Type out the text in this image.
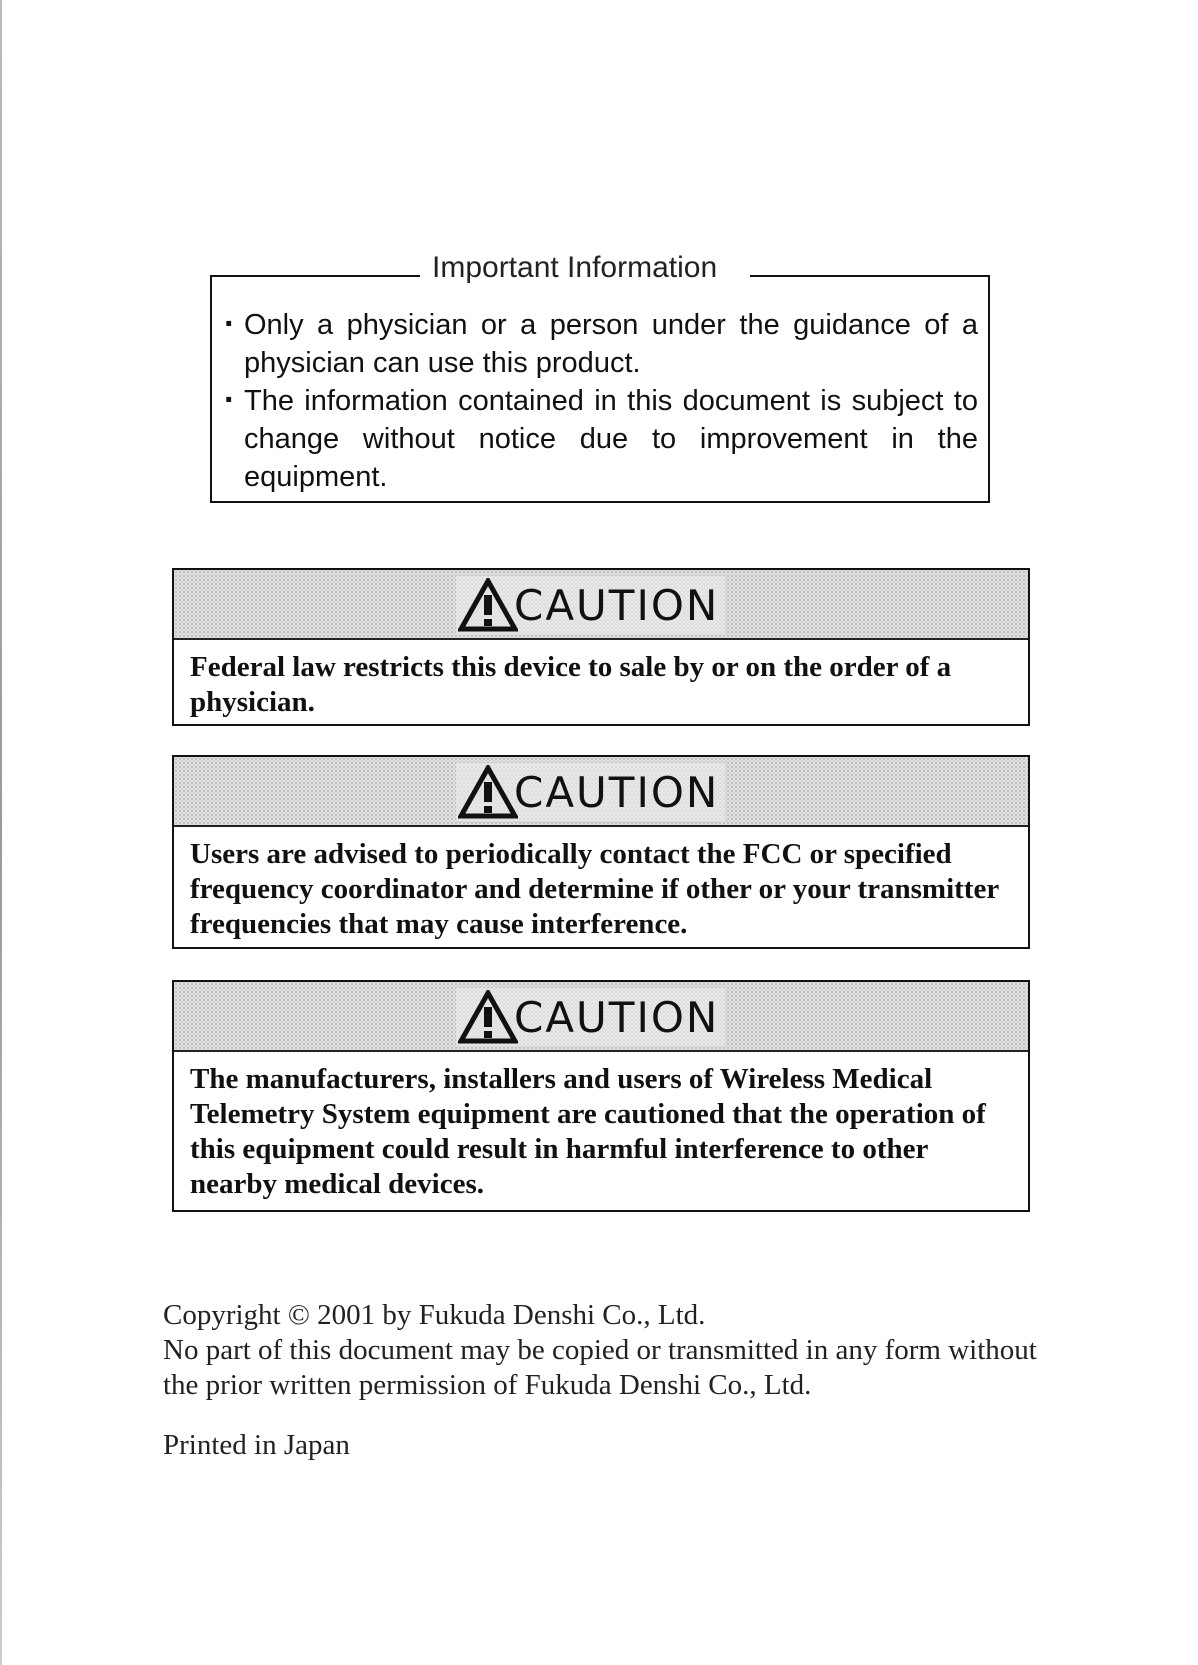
Important Information
· Only a physician or a person under the guidance of a physician can use this product.
· The information contained in this document is subject to change without notice due to improvement in the equipment.
CAUTION
Federal law restricts this device to sale by or on the order of a physician.
CAUTION
Users are advised to periodically contact the FCC or specified frequency coordinator and determine if other or your transmitter frequencies that may cause interference.
CAUTION
The manufacturers, installers and users of Wireless Medical Telemetry System equipment are cautioned that the operation of this equipment could result in harmful interference to other nearby medical devices.

Copyright © 2001 by Fukuda Denshi Co., Ltd.

No part of this document may be copied or transmitted in any form without the prior written permission of Fukuda Denshi Co., Ltd.

Printed in Japan
